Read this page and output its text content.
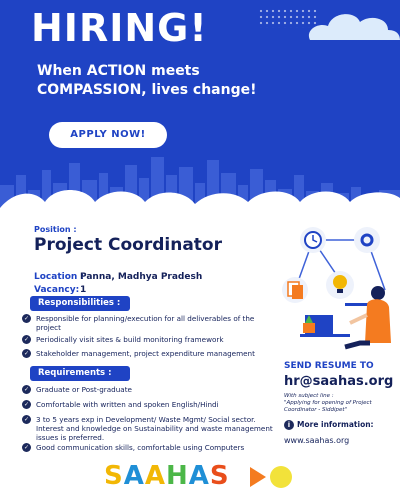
HIRING!
When ACTION meets COMPASSION, lives change!
APPLY NOW!
Position :
Project Coordinator
Location :
Panna, Madhya Pradesh
Vacancy: 1
Responsibilities :
✓ Responsible for planning/execution for all deliverables of the project
✓ Periodically visit sites & build monitoring framework
✓ Stakeholder management, project expenditure management
Requirements :
✓ Graduate or Post-graduate
✓ Comfortable with written and spoken English/Hindi
✓ 3 to 5 years exp in Development/ Waste Mgmt/ Social sector. Interest and knowledge on Sustainability and waste management issues is preferred.
✓ Good communication skills, comfortable using Computers
SEND RESUME TO
hr@saahas.org
With subject line :
"Applying for opening of Project Coordinator - Siddipet"
i More information:
www.saahas.org
SAAHAS
